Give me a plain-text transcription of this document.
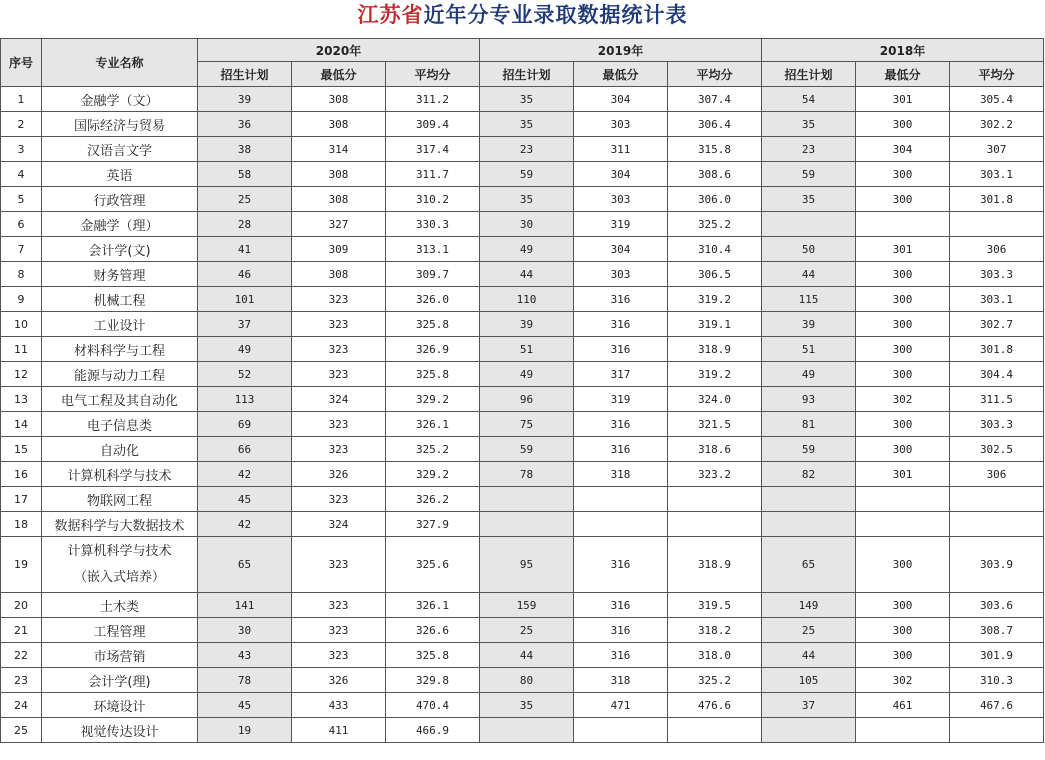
江苏省近年分专业录取数据统计表
序号	专业名称	2020年			2019年			2018年		
		招生计划	最低分	平均分	招生计划	最低分	平均分	招生计划	最低分	平均分
1	金融学（文）	39	308	311.2	35	304	307.4	54	301	305.4
2	国际经济与贸易	36	308	309.4	35	303	306.4	35	300	302.2
3	汉语言文学	38	314	317.4	23	311	315.8	23	304	307
4	英语	58	308	311.7	59	304	308.6	59	300	303.1
5	行政管理	25	308	310.2	35	303	306.0	35	300	301.8
6	金融学（理）	28	327	330.3	30	319	325.2			
7	会计学(文)	41	309	313.1	49	304	310.4	50	301	306
8	财务管理	46	308	309.7	44	303	306.5	44	300	303.3
9	机械工程	101	323	326.0	110	316	319.2	115	300	303.1
10	工业设计	37	323	325.8	39	316	319.1	39	300	302.7
11	材料科学与工程	49	323	326.9	51	316	318.9	51	300	301.8
12	能源与动力工程	52	323	325.8	49	317	319.2	49	300	304.4
13	电气工程及其自动化	113	324	329.2	96	319	324.0	93	302	311.5
14	电子信息类	69	323	326.1	75	316	321.5	81	300	303.3
15	自动化	66	323	325.2	59	316	318.6	59	300	302.5
16	计算机科学与技术	42	326	329.2	78	318	323.2	82	301	306
17	物联网工程	45	323	326.2						
18	数据科学与大数据技术	42	324	327.9						
19	计算机科学与技术
（嵌入式培养）	65	323	325.6	95	316	318.9	65	300	303.9
20	土木类	141	323	326.1	159	316	319.5	149	300	303.6
21	工程管理	30	323	326.6	25	316	318.2	25	300	308.7
22	市场营销	43	323	325.8	44	316	318.0	44	300	301.9
23	会计学(理)	78	326	329.8	80	318	325.2	105	302	310.3
24	环境设计	45	433	470.4	35	471	476.6	37	461	467.6
25	视觉传达设计	19	411	466.9						
